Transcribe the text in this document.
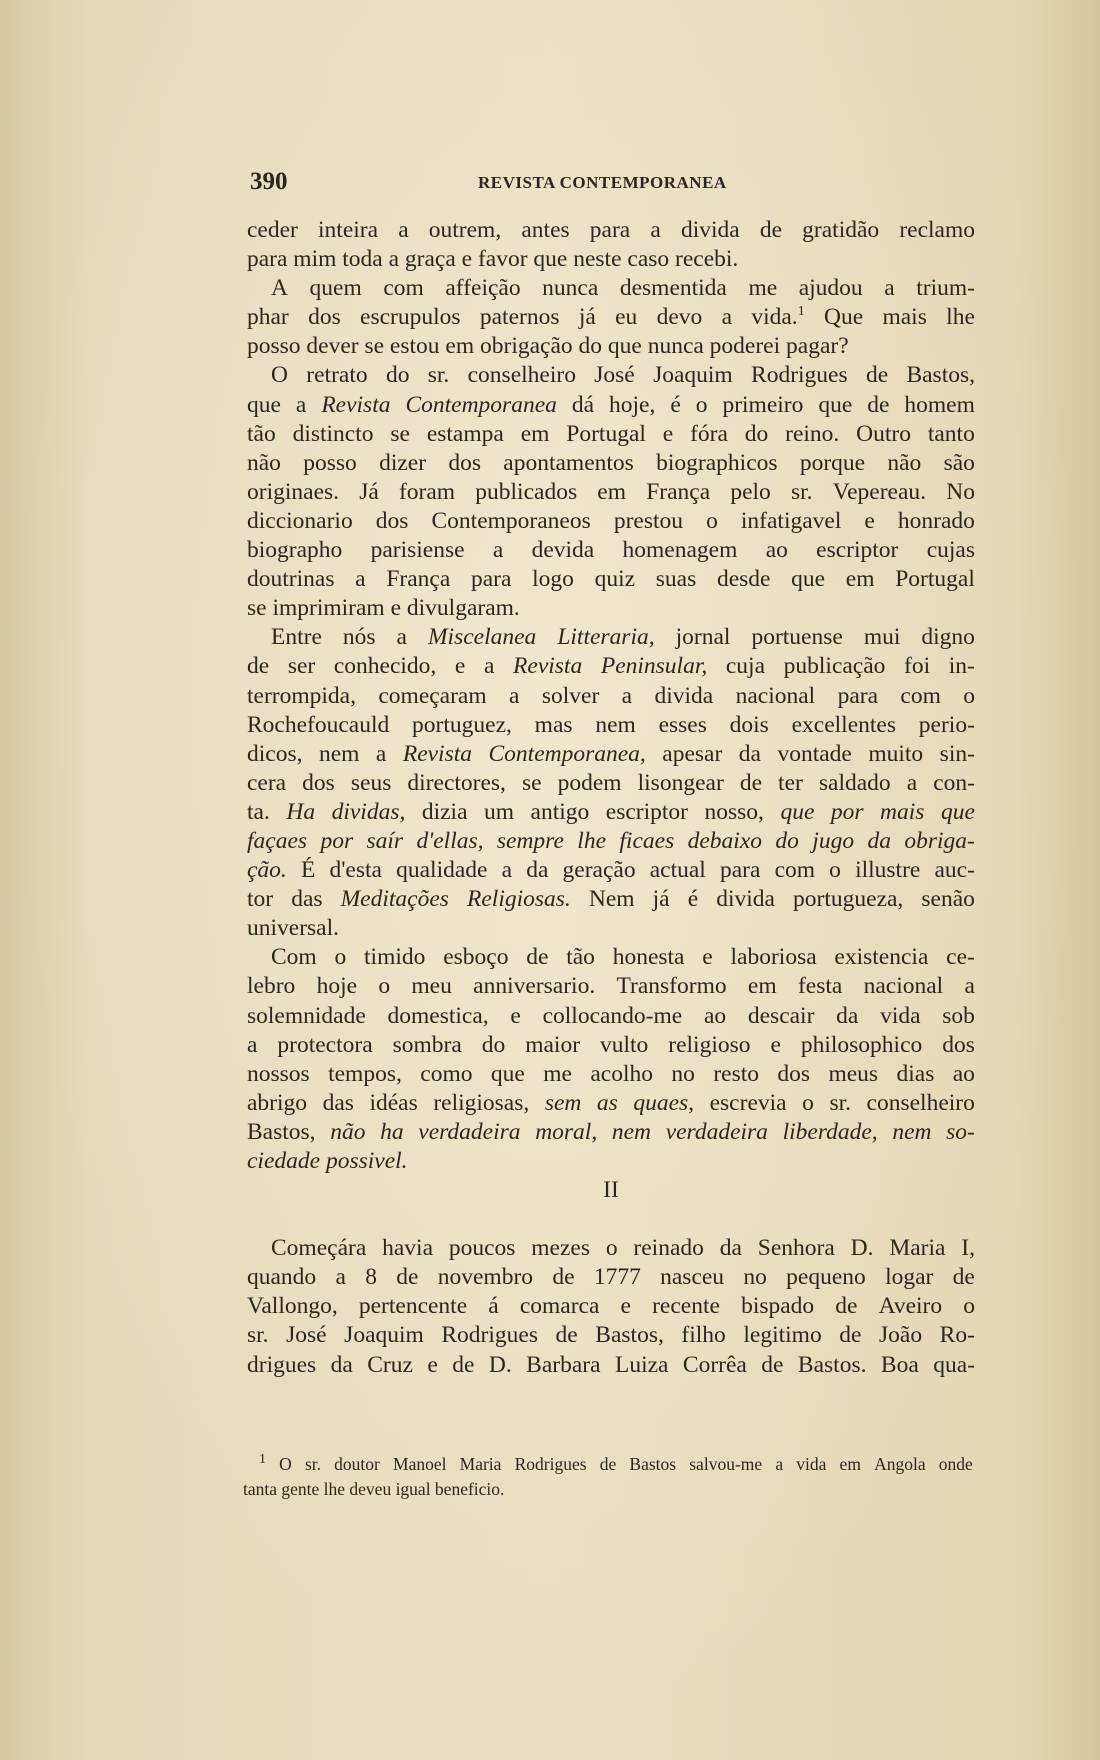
390	REVISTA CONTEMPORANEA
ceder inteira a outrem, antes para a divida de gratidão reclamo
para mim toda a graça e favor que neste caso recebi.
A quem com affeição nunca desmentida me ajudou a trium-
phar dos escrupulos paternos já eu devo a vida.$^1$ Que mais lhe
posso dever se estou em obrigação do que nunca poderei pagar?
O retrato do sr. conselheiro José Joaquim Rodrigues de Bastos,
que a Revista Contemporanea dá hoje, é o primeiro que de homem
tão distincto se estampa em Portugal e fóra do reino. Outro tanto
não posso dizer dos apontamentos biographicos porque não são
originaes. Já foram publicados em França pelo sr. Vepereau. No
diccionario dos Contemporaneos prestou o infatigavel e honrado
biographo parisiense a devida homenagem ao escriptor cujas
doutrinas a França para logo quiz suas desde que em Portugal
se imprimiram e divulgaram.
Entre nós a Miscelanea Litteraria, jornal portuense mui digno
de ser conhecido, e a Revista Peninsular, cuja publicação foi in-
terrompida, começaram a solver a divida nacional para com o
Rochefoucauld portuguez, mas nem esses dois excellentes perio-
dicos, nem a Revista Contemporanea, apesar da vontade muito sin-
cera dos seus directores, se podem lisongear de ter saldado a con-
ta. Ha dividas, dizia um antigo escriptor nosso, que por mais que
façaes por saír d'ellas, sempre lhe ficaes debaixo do jugo da obriga-
ção. É d'esta qualidade a da geração actual para com o illustre auc-
tor das Meditações Religiosas. Nem já é divida portugueza, senão
universal.
Com o timido esboço de tão honesta e laboriosa existencia ce-
lebro hoje o meu anniversario. Transformo em festa nacional a
solemnidade domestica, e collocando-me ao descair da vida sob
a protectora sombra do maior vulto religioso e philosophico dos
nossos tempos, como que me acolho no resto dos meus dias ao
abrigo das idéas religiosas, sem as quaes, escrevia o sr. conselheiro
Bastos, não ha verdadeira moral, nem verdadeira liberdade, nem so-
ciedade possivel.
II
Começára havia poucos mezes o reinado da Senhora D. Maria I,
quando a 8 de novembro de 1777 nasceu no pequeno logar de
Vallongo, pertencente á comarca e recente bispado de Aveiro o
sr. José Joaquim Rodrigues de Bastos, filho legitimo de João Ro-
drigues da Cruz e de D. Barbara Luiza Corrêa de Bastos. Boa qua-
$^1$ O sr. doutor Manoel Maria Rodrigues de Bastos salvou-me a vida em Angola onde
tanta gente lhe deveu igual beneficio.
